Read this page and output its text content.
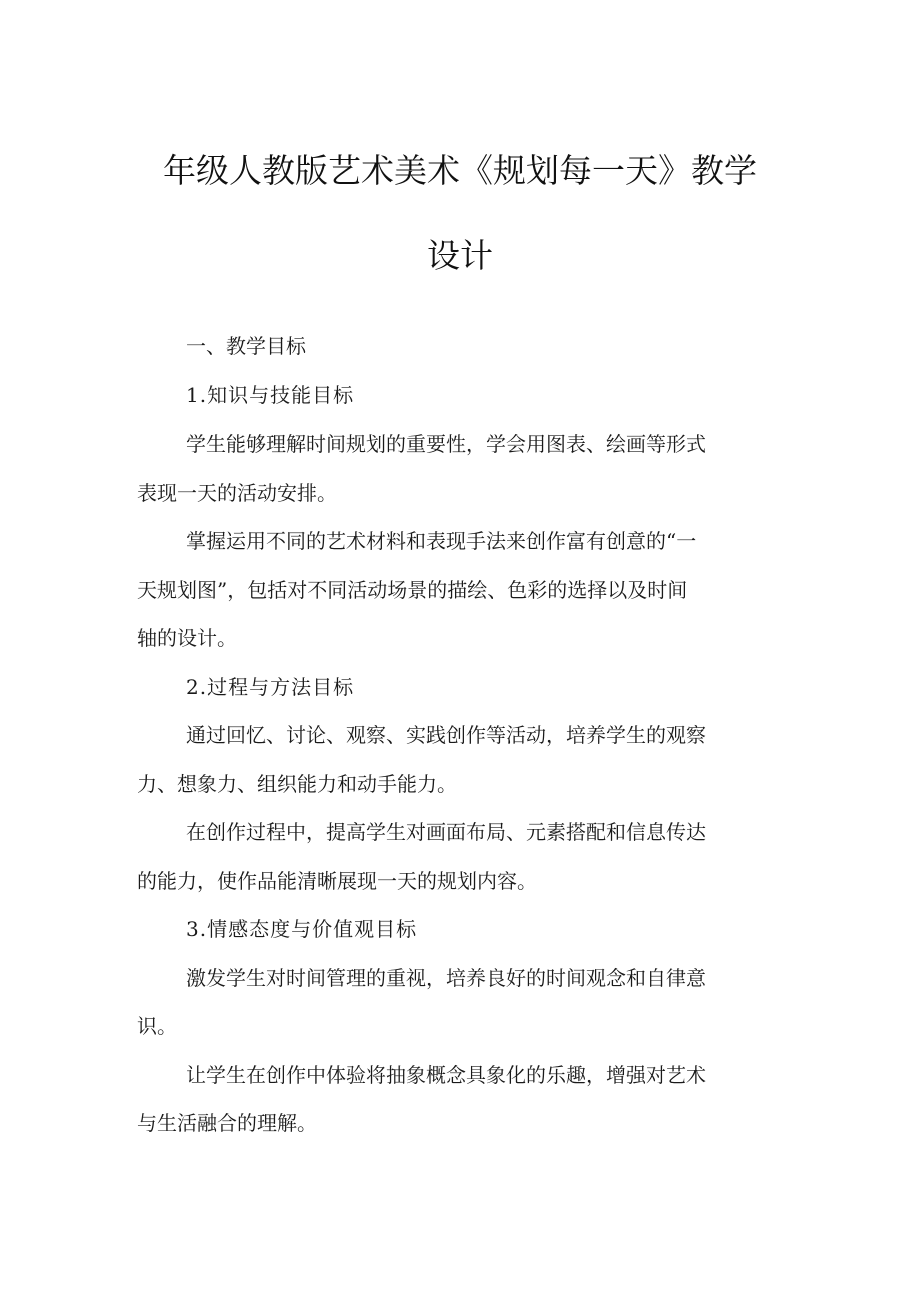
年级人教版艺术美术《规划每一天》教学
设计
一、教学目标
1.知识与技能目标
学生能够理解时间规划的重要性，学会用图表、绘画等形式
表现一天的活动安排。
掌握运用不同的艺术材料和表现手法来创作富有创意的“一
天规划图”，包括对不同活动场景的描绘、色彩的选择以及时间
轴的设计。
2.过程与方法目标
通过回忆、讨论、观察、实践创作等活动，培养学生的观察
力、想象力、组织能力和动手能力。
在创作过程中，提高学生对画面布局、元素搭配和信息传达
的能力，使作品能清晰展现一天的规划内容。
3.情感态度与价值观目标
激发学生对时间管理的重视，培养良好的时间观念和自律意
识。
让学生在创作中体验将抽象概念具象化的乐趣，增强对艺术
与生活融合的理解。
